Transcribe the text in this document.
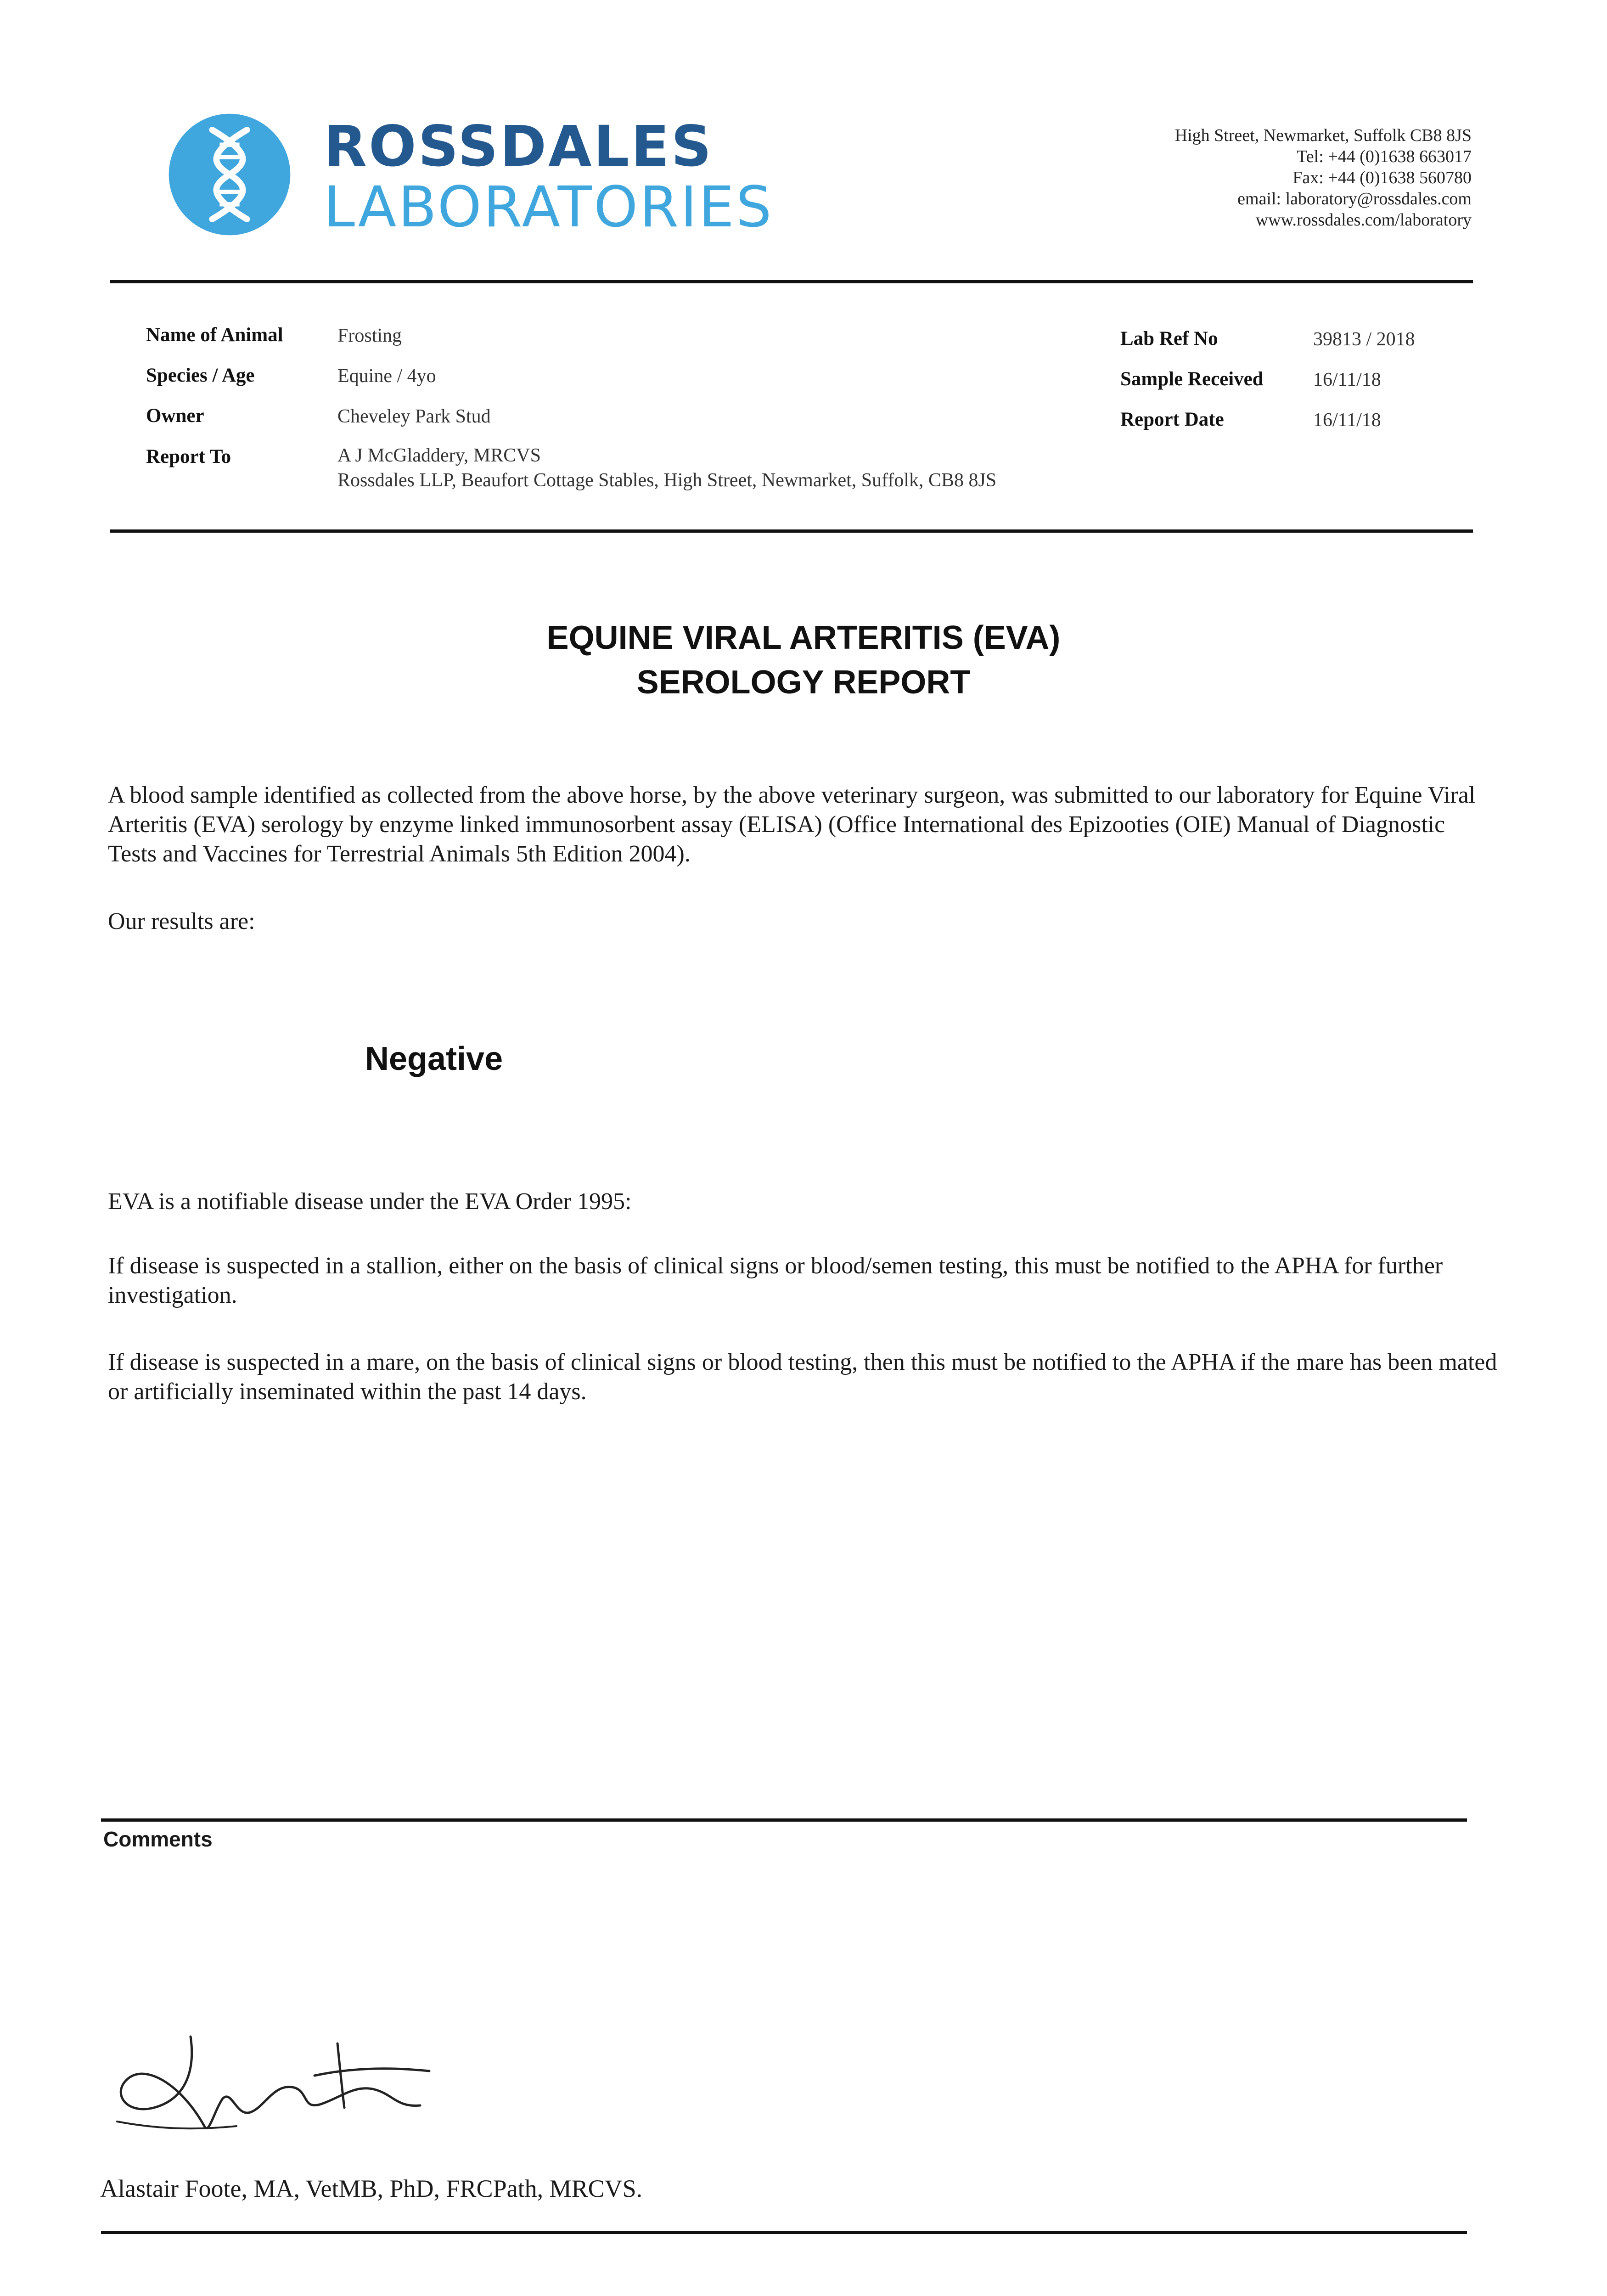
ROSSDALES
LABORATORIES
High Street, Newmarket, Suffolk CB8 8JS
Tel: +44 (0)1638 663017
Fax: +44 (0)1638 560780
email: laboratory@rossdales.com
www.rossdales.com/laboratory
Name of Animal	Frosting
Species / Age	Equine / 4yo
Owner	Cheveley Park Stud
Report To	A J McGladdery, MRCVS
Rossdales LLP, Beaufort Cottage Stables, High Street, Newmarket, Suffolk, CB8 8JS
Lab Ref No	39813 / 2018
Sample Received	16/11/18
Report Date	16/11/18
EQUINE VIRAL ARTERITIS (EVA)
SEROLOGY REPORT
A blood sample identified as collected from the above horse, by the above veterinary surgeon, was submitted to our laboratory for Equine Viral Arteritis (EVA) serology by enzyme linked immunosorbent assay (ELISA) (Office International des Epizooties (OIE) Manual of Diagnostic Tests and Vaccines for Terrestrial Animals 5th Edition 2004).
Our results are:
Negative
EVA is a notifiable disease under the EVA Order 1995:
If disease is suspected in a stallion, either on the basis of clinical signs or blood/semen testing, this must be notified to the APHA for further investigation.
If disease is suspected in a mare, on the basis of clinical signs or blood testing, then this must be notified to the APHA if the mare has been mated or artificially inseminated within the past 14 days.
Comments
Alastair Foote, MA, VetMB, PhD, FRCPath, MRCVS.
